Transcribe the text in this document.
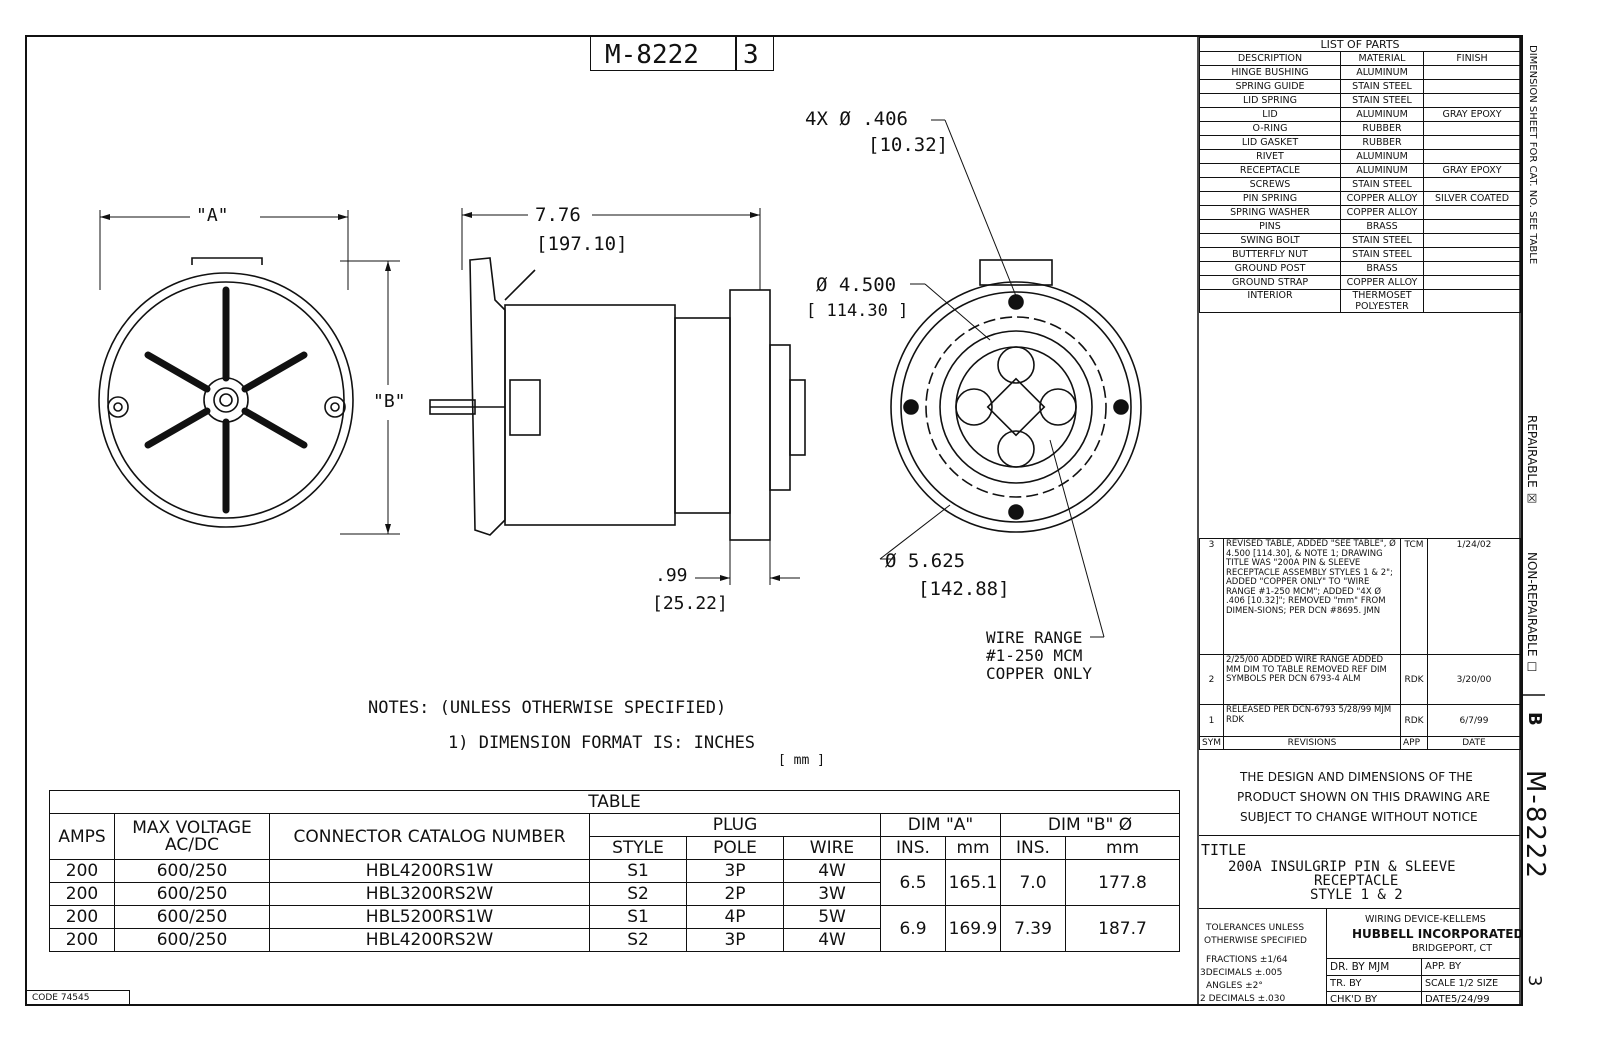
M-8222 3
"A"
"B"
7.76
[197.10]
.99
[25.22]
4X Ø .406
[10.32]
Ø 4.500
[ 114.30 ]
Ø 5.625
[142.88]
WIRE RANGE
#1-250 MCM
COPPER ONLY
NOTES: (UNLESS OTHERWISE SPECIFIED)
1) DIMENSION FORMAT IS: INCHES
[ mm ]
LIST OF PARTS		
DESCRIPTION	MATERIAL	FINISH
HINGE BUSHING	ALUMINUM	
SPRING GUIDE	STAIN STEEL	
LID SPRING	STAIN STEEL	
LID	ALUMINUM	GRAY EPOXY
O-RING	RUBBER	
LID GASKET	RUBBER	
RIVET	ALUMINUM	
RECEPTACLE	ALUMINUM	GRAY EPOXY
SCREWS	STAIN STEEL	
PIN SPRING	COPPER ALLOY	SILVER COATED
SPRING WASHER	COPPER ALLOY	
PINS	BRASS	
SWING BOLT	STAIN STEEL	
BUTTERFLY NUT	STAIN STEEL	
GROUND POST	BRASS	
GROUND STRAP	COPPER ALLOY	
INTERIOR	THERMOSET POLYESTER	
3	REVISED TABLE, ADDED "SEE TABLE", Ø 4.500 [114.30], & NOTE 1; DRAWING TITLE WAS "200A PIN & SLEEVE RECEPTACLE ASSEMBLY STYLES 1 & 2"; ADDED "COPPER ONLY" TO "WIRE RANGE #1-250 MCM"; ADDED "4X Ø .406 [10.32]"; REMOVED "mm" FROM DIMEN-SIONS; PER DCN #8695. JMN	TCM	1/24/02
2	2/25/00 ADDED WIRE RANGE ADDED MM DIM TO TABLE REMOVED REF DIM SYMBOLS PER DCN 6793-4 ALM	RDK	3/20/00
1	RELEASED PER DCN-6793 5/28/99 MJM RDK	RDK	6/7/99
SYM	REVISIONS	APP	DATE
THE DESIGN AND DIMENSIONS OF THE
PRODUCT SHOWN ON THIS DRAWING ARE
SUBJECT TO CHANGE WITHOUT NOTICE
TITLE
200A INSULGRIP PIN & SLEEVE
RECEPTACLE
STYLE 1 & 2
TOLERANCES UNLESS
OTHERWISE SPECIFIED
FRACTIONS ±1/64
3DECIMALS ±.005
ANGLES ±2°
2 DECIMALS ±.030
WIRING DEVICE-KELLEMS
HUBBELL INCORPORATED
BRIDGEPORT, CT
DR. BY MJM	APP. BY
TR. BY	SCALE 1/2 SIZE
CHK'D BY	DATE5/24/99
DIMENSION SHEET FOR CAT. NO. SEE TABLE
REPAIRABLE ☒
NON-REPAIRABLE ☐
B
M-8222
3
TABLE									
AMPS	MAX VOLTAGE AC/DC	CONNECTOR CATALOG NUMBER	PLUG			DIM "A"		DIM "B" Ø	
			STYLE	POLE	WIRE	INS.	mm	INS.	mm
200	600/250	HBL4200RS1W	S1	3P	4W	6.5	165.1	7.0	177.8
200	600/250	HBL3200RS2W	S2	2P	3W				
200	600/250	HBL5200RS1W	S1	4P	5W	6.9	169.9	7.39	187.7
200	600/250	HBL4200RS2W	S2	3P	4W				
CODE 74545
